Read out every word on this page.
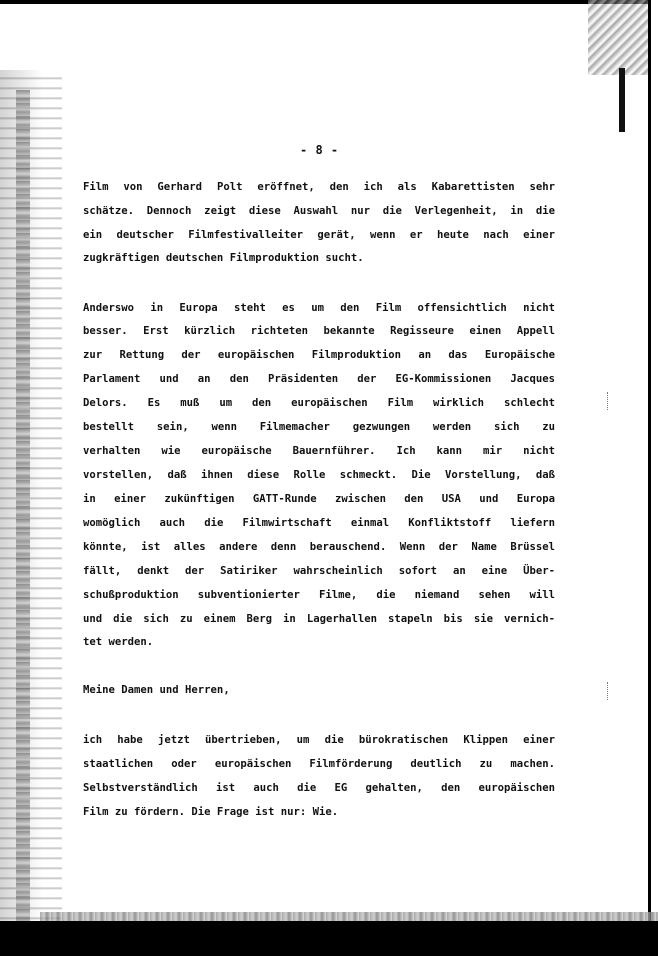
- 8 -
Film von Gerhard Polt eröffnet, den ich als Kabarettisten sehr
schätze. Dennoch zeigt diese Auswahl nur die Verlegenheit, in die
ein deutscher Filmfestivalleiter gerät, wenn er heute nach einer
zugkräftigen deutschen Filmproduktion sucht.
Anderswo in Europa steht es um den Film offensichtlich nicht
besser. Erst kürzlich richteten bekannte Regisseure einen Appell
zur Rettung der europäischen Filmproduktion an das Europäische
Parlament und an den Präsidenten der EG-Kommissionen Jacques
Delors. Es muß um den europäischen Film wirklich schlecht
bestellt sein, wenn Filmemacher gezwungen werden sich zu
verhalten wie europäische Bauernführer. Ich kann mir nicht
vorstellen, daß ihnen diese Rolle schmeckt. Die Vorstellung, daß
in einer zukünftigen GATT-Runde zwischen den USA und Europa
womöglich auch die Filmwirtschaft einmal Konfliktstoff liefern
könnte, ist alles andere denn berauschend. Wenn der Name Brüssel
fällt, denkt der Satiriker wahrscheinlich sofort an eine Über-
schußproduktion subventionierter Filme, die niemand sehen will
und die sich zu einem Berg in Lagerhallen stapeln bis sie vernich-
tet werden.
Meine Damen und Herren,
ich habe jetzt übertrieben, um die bürokratischen Klippen einer
staatlichen oder europäischen Filmförderung deutlich zu machen.
Selbstverständlich ist auch die EG gehalten, den europäischen
Film zu fördern. Die Frage ist nur: Wie.
